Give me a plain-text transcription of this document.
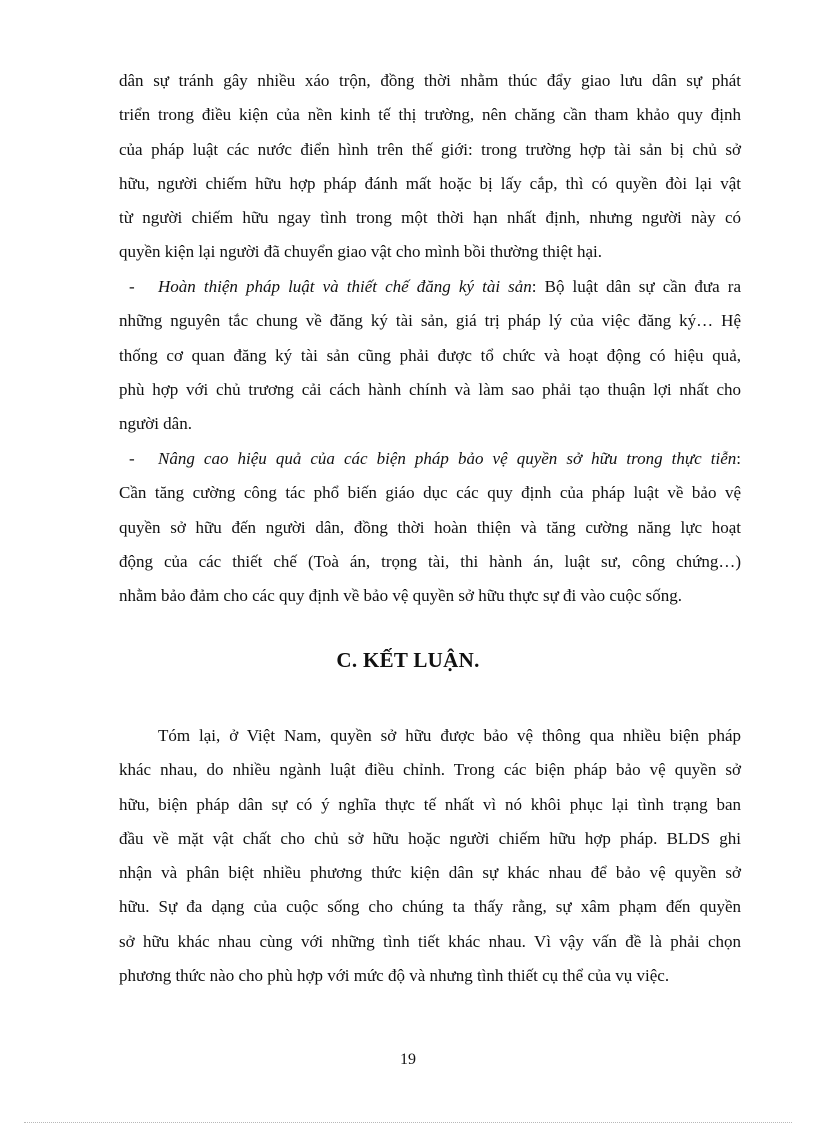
dân sự tránh gây nhiều xáo trộn, đồng thời nhằm thúc đẩy giao lưu dân sự phát
triển trong điều kiện của nền kinh tế thị trường, nên chăng cần tham khảo quy định
của pháp luật các nước điển hình trên thế giới: trong trường hợp tài sản bị chủ sở
hữu, người chiếm hữu hợp pháp đánh mất hoặc bị lấy cắp, thì có quyền đòi lại vật
từ người chiếm hữu ngay tình trong một thời hạn nhất định, nhưng người này có
quyền kiện lại người đã chuyển giao vật cho mình bồi thường thiệt hại.
- Hoàn thiện pháp luật và thiết chế đăng ký tài sản: Bộ luật dân sự cần đưa ra
những nguyên tắc chung về đăng ký tài sản, giá trị pháp lý của việc đăng ký… Hệ
thống cơ quan đăng ký tài sản cũng phải được tổ chức và hoạt động có hiệu quả,
phù hợp với chủ trương cải cách hành chính và làm sao phải tạo thuận lợi nhất cho
người dân.
- Nâng cao hiệu quả của các biện pháp bảo vệ quyền sở hữu trong thực tiễn:
Cần tăng cường công tác phổ biến giáo dục các quy định của pháp luật về bảo vệ
quyền sở hữu đến người dân, đồng thời hoàn thiện và tăng cường năng lực hoạt
động của các thiết chế (Toà án, trọng tài, thi hành án, luật sư, công chứng…)
nhằm bảo đảm cho các quy định về bảo vệ quyền sở hữu thực sự đi vào cuộc sống.
C. KẾT LUẬN.
Tóm lại, ở Việt Nam, quyền sở hữu được bảo vệ thông qua nhiều biện pháp
khác nhau, do nhiều ngành luật điều chỉnh. Trong các biện pháp bảo vệ quyền sở
hữu, biện pháp dân sự có ý nghĩa thực tế nhất vì nó khôi phục lại tình trạng ban
đầu về mặt vật chất cho chủ sở hữu hoặc người chiếm hữu hợp pháp. BLDS ghi
nhận và phân biệt nhiều phương thức kiện dân sự khác nhau để bảo vệ quyền sở
hữu. Sự đa dạng của cuộc sống cho chúng ta thấy rằng, sự xâm phạm đến quyền
sở hữu khác nhau cùng với những tình tiết khác nhau. Vì vậy vấn đề là phải chọn
phương thức nào cho phù hợp với mức độ và nhưng tình thiết cụ thể của vụ việc.
19
